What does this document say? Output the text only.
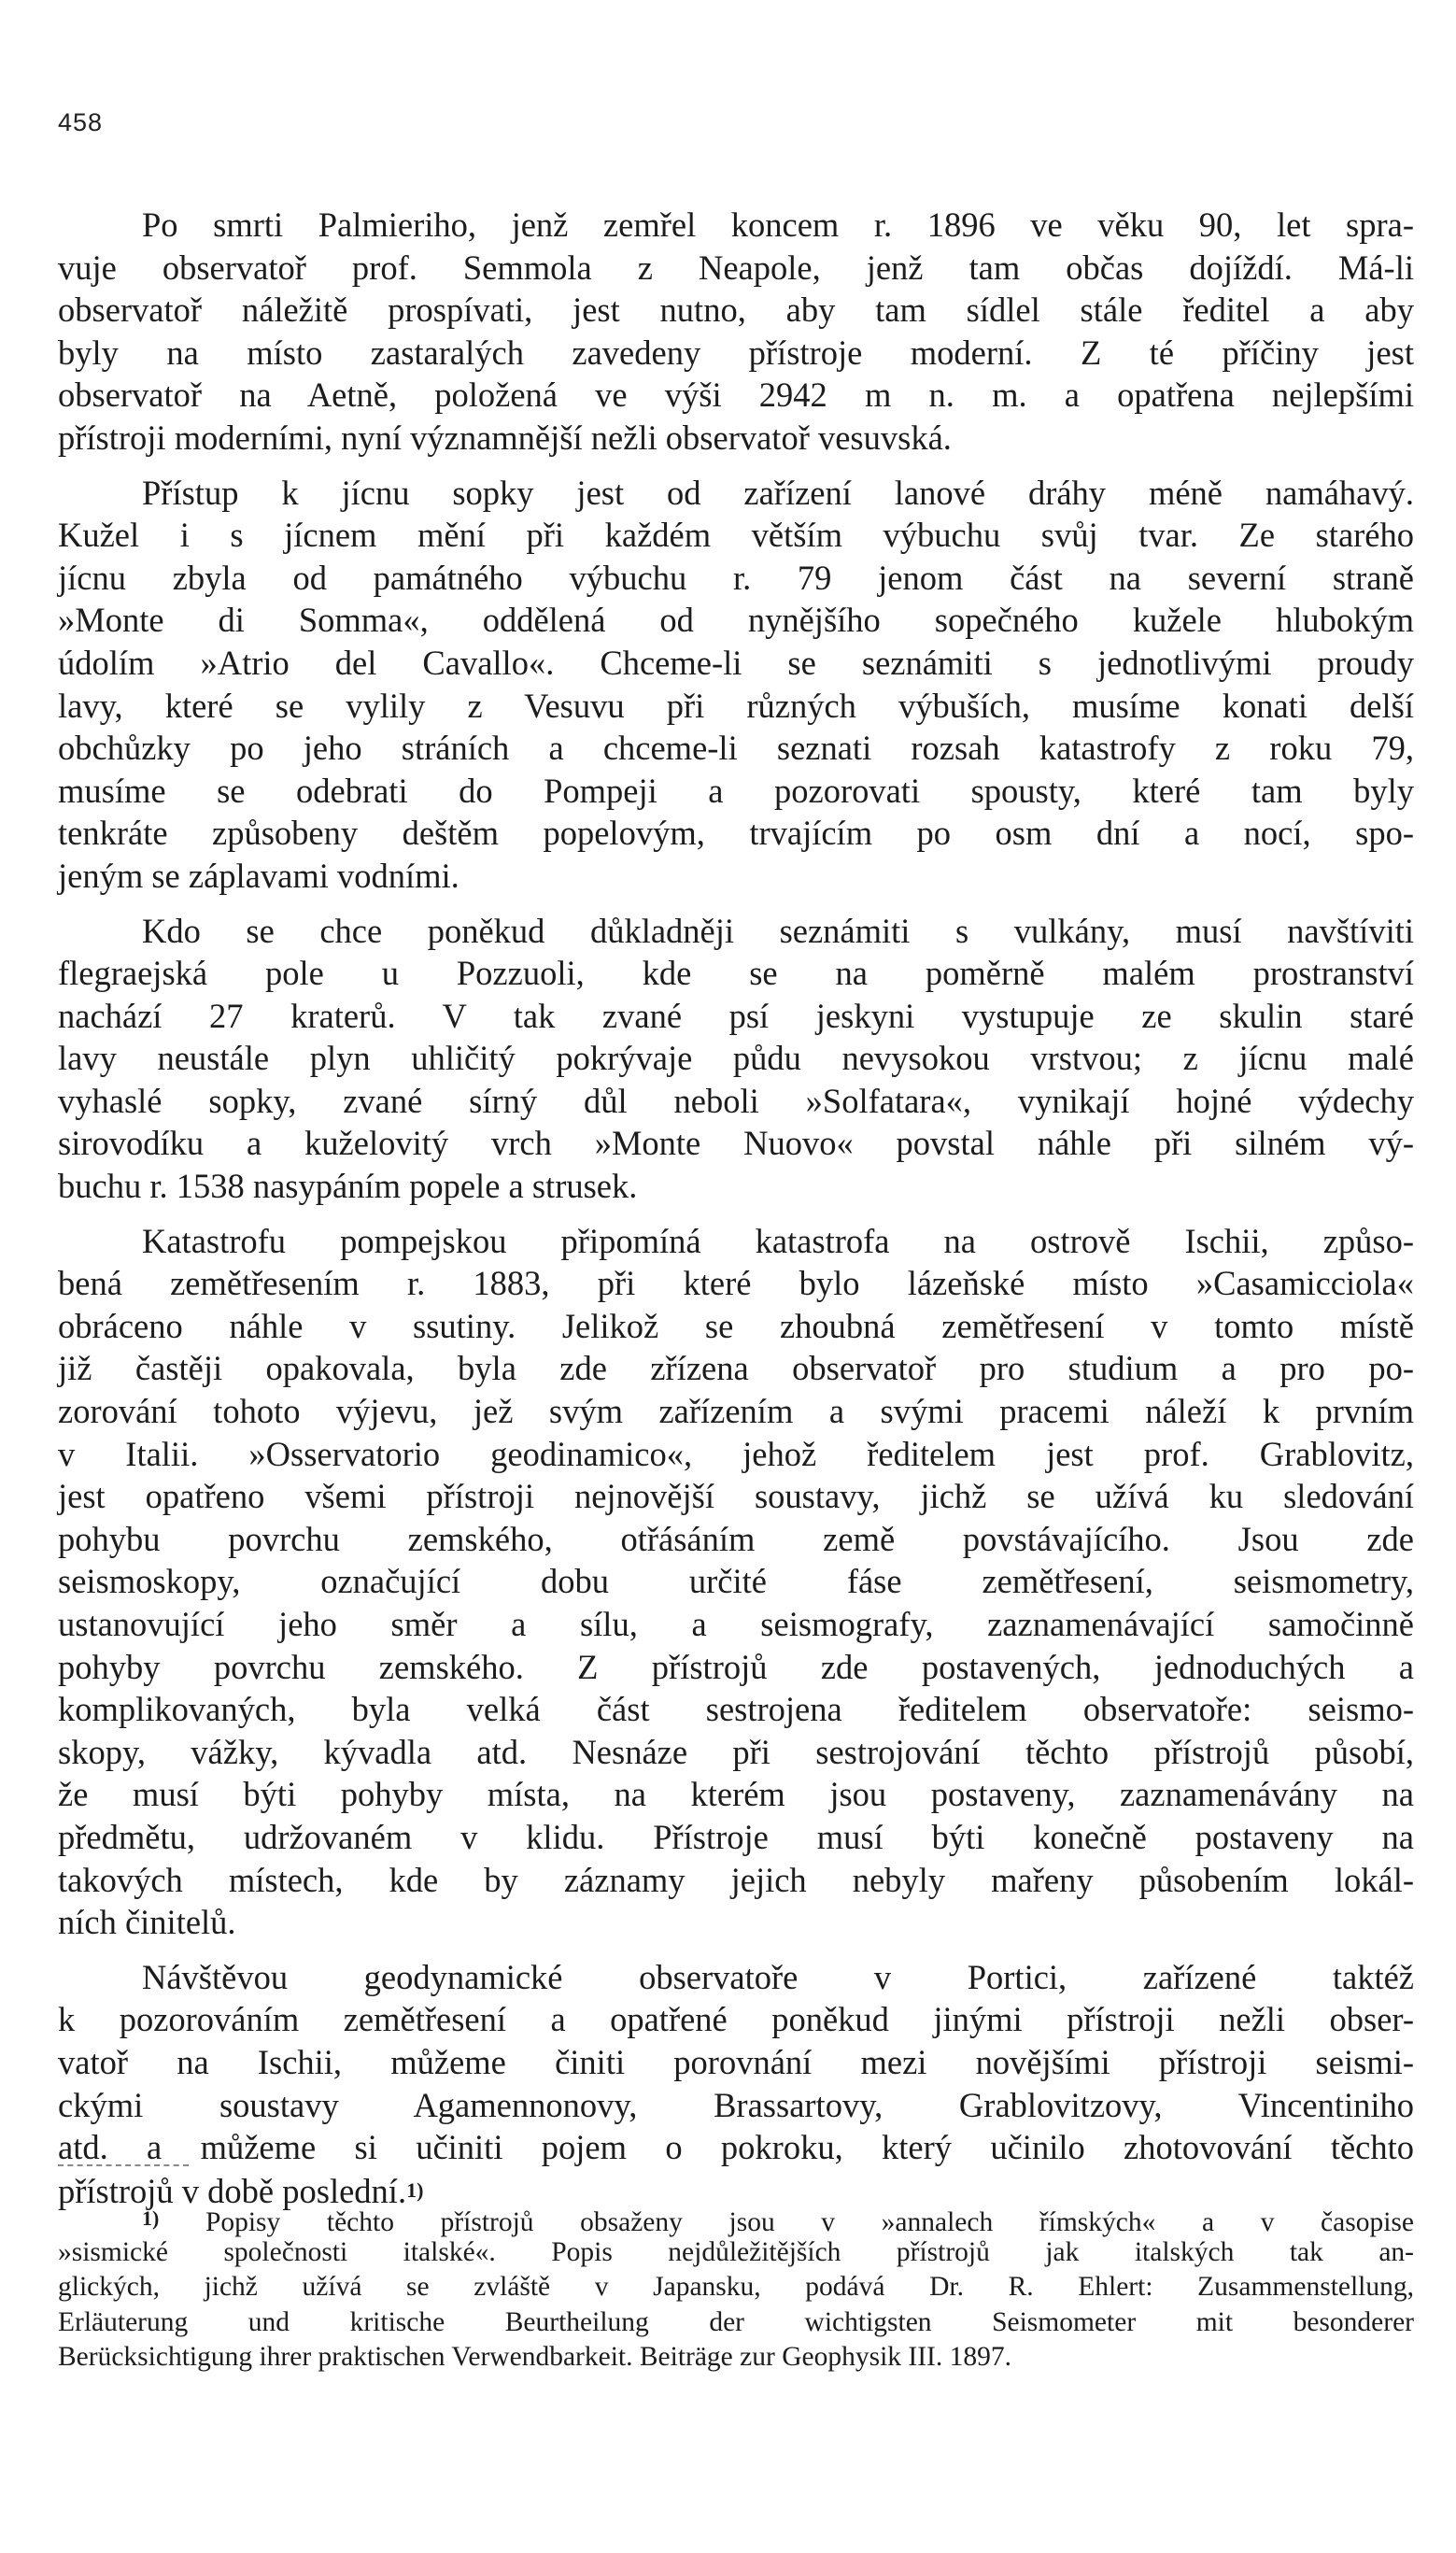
458
Po smrti Palmieriho, jenž zemřel koncem r. 1896 ve věku 90, let spra-
vuje observatoř prof. Semmola z Neapole, jenž tam občas dojíždí. Má-li
observatoř náležitě prospívati, jest nutno, aby tam sídlel stále ředitel a aby
byly na místo zastaralých zavedeny přístroje moderní. Z té příčiny jest
observatoř na Aetně, položená ve výši 2942 m n. m. a opatřena nejlepšími
přístroji moderními, nyní významnější nežli observatoř vesuvská.
Přístup k jícnu sopky jest od zařízení lanové dráhy méně namáhavý.
Kužel i s jícnem mění při každém větším výbuchu svůj tvar. Ze starého
jícnu zbyla od památného výbuchu r. 79 jenom část na severní straně
»Monte di Somma«, oddělená od nynějšího sopečného kužele hlubokým
údolím »Atrio del Cavallo«. Chceme-li se seznámiti s jednotlivými proudy
lavy, které se vylily z Vesuvu při různých výbuších, musíme konati delší
obchůzky po jeho stráních a chceme-li seznati rozsah katastrofy z roku 79,
musíme se odebrati do Pompeji a pozorovati spousty, které tam byly
tenkráte způsobeny deštěm popelovým, trvajícím po osm dní a nocí, spo-
jeným se záplavami vodními.
Kdo se chce poněkud důkladněji seznámiti s vulkány, musí navštíviti
flegraejská pole u Pozzuoli, kde se na poměrně malém prostranství
nachází 27 kraterů. V tak zvané psí jeskyni vystupuje ze skulin staré
lavy neustále plyn uhličitý pokrývaje půdu nevysokou vrstvou; z jícnu malé
vyhaslé sopky, zvané sírný důl neboli »Solfatara«, vynikají hojné výdechy
sirovodíku a kuželovitý vrch »Monte Nuovo« povstal náhle při silném vý-
buchu r. 1538 nasypáním popele a strusek.
Katastrofu pompejskou připomíná katastrofa na ostrově Ischii, způso-
bená zemětřesením r. 1883, při které bylo lázeňské místo »Casamicciola«
obráceno náhle v ssutiny. Jelikož se zhoubná zemětřesení v tomto místě
již častěji opakovala, byla zde zřízena observatoř pro studium a pro po-
zorování tohoto výjevu, jež svým zařízením a svými pracemi náleží k prvním
v Italii. »Osservatorio geodinamico«, jehož ředitelem jest prof. Grablovitz,
jest opatřeno všemi přístroji nejnovější soustavy, jichž se užívá ku sledování
pohybu povrchu zemského, otřásáním země povstávajícího. Jsou zde
seismoskopy, označující dobu určité fáse zemětřesení, seismometry,
ustanovující jeho směr a sílu, a seismografy, zaznamenávající samočinně
pohyby povrchu zemského. Z přístrojů zde postavených, jednoduchých a
komplikovaných, byla velká část sestrojena ředitelem observatoře: seismo-
skopy, vážky, kývadla atd. Nesnáze při sestrojování těchto přístrojů působí,
že musí býti pohyby místa, na kterém jsou postaveny, zaznamenávány na
předmětu, udržovaném v klidu. Přístroje musí býti konečně postaveny na
takových místech, kde by záznamy jejich nebyly mařeny působením lokál-
ních činitelů.
Návštěvou geodynamické observatoře v Portici, zařízené taktéž
k pozorováním zemětřesení a opatřené poněkud jinými přístroji nežli obser-
vatoř na Ischii, můžeme činiti porovnání mezi novějšími přístroji seismi-
ckými soustavy Agamennonovy, Brassartovy, Grablovitzovy, Vincentiniho
atd. a můžeme si učiniti pojem o pokroku, který učinilo zhotovování těchto
přístrojů v době poslední.$^{1)}$
$^{1)}$ Popisy těchto přístrojů obsaženy jsou v »annalech římských« a v časopise
»sismické společnosti italské«. Popis nejdůležitějších přístrojů jak italských tak an-
glických, jichž užívá se zvláště v Japansku, podává Dr. R. Ehlert: Zusammenstellung,
Erläuterung und kritische Beurtheilung der wichtigsten Seismometer mit besonderer
Berücksichtigung ihrer praktischen Verwendbarkeit. Beiträge zur Geophysik III. 1897.
